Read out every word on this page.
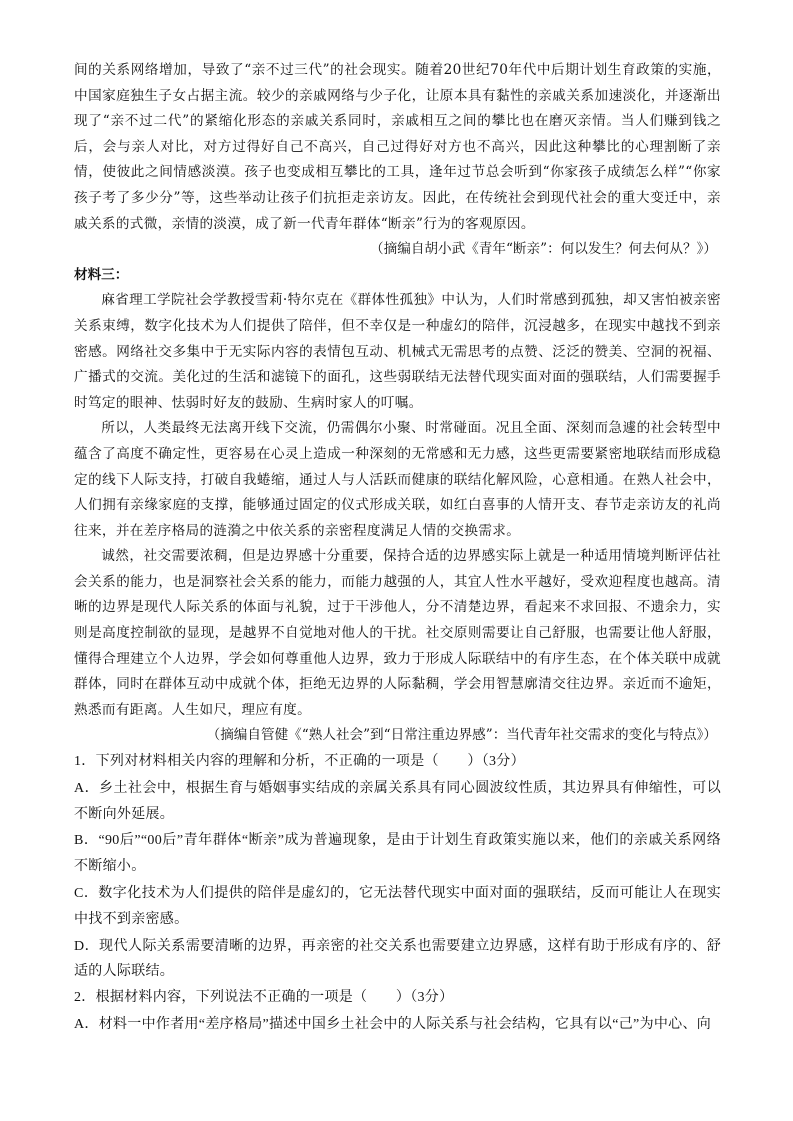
间的关系网络增加，导致了“亲不过三代”的社会现实。随着20世纪70年代中后期计划生育政策的实施，中国家庭独生子女占据主流。较少的亲戚网络与少子化，让原本具有黏性的亲戚关系加速淡化，并逐渐出现了“亲不过二代”的紧缩化形态的亲戚关系同时，亲戚相互之间的攀比也在磨灭亲情。当人们赚到钱之后，会与亲人对比，对方过得好自己不高兴，自己过得好对方也不高兴，因此这种攀比的心理割断了亲情，使彼此之间情感淡漠。孩子也变成相互攀比的工具，逢年过节总会听到“你家孩子成绩怎么样”“你家孩子考了多少分”等，这些举动让孩子们抗拒走亲访友。因此，在传统社会到现代社会的重大变迁中，亲戚关系的式微，亲情的淡漠，成了新一代青年群体“断亲”行为的客观原因。

（摘编自胡小武《青年“断亲”：何以发生？何去何从？》）

材料三：

麻省理工学院社会学教授雪莉·特尔克在《群体性孤独》中认为，人们时常感到孤独，却又害怕被亲密关系束缚，数字化技术为人们提供了陪伴，但不幸仅是一种虚幻的陪伴，沉浸越多，在现实中越找不到亲密感。网络社交多集中于无实际内容的表情包互动、机械式无需思考的点赞、泛泛的赞美、空洞的祝福、广播式的交流。美化过的生活和滤镜下的面孔，这些弱联结无法替代现实面对面的强联结，人们需要握手时笃定的眼神、怯弱时好友的鼓励、生病时家人的叮嘱。

所以，人类最终无法离开线下交流，仍需偶尔小聚、时常碰面。况且全面、深刻而急遽的社会转型中蕴含了高度不确定性，更容易在心灵上造成一种深刻的无常感和无力感，这些更需要紧密地联结而形成稳定的线下人际支持，打破自我蜷缩，通过人与人活跃而健康的联结化解风险，心意相通。在熟人社会中，人们拥有亲缘家庭的支撑，能够通过固定的仪式形成关联，如红白喜事的人情开支、春节走亲访友的礼尚往来，并在差序格局的涟漪之中依关系的亲密程度满足人情的交换需求。

诚然，社交需要浓稠，但是边界感十分重要，保持合适的边界感实际上就是一种适用情境判断评估社会关系的能力，也是洞察社会关系的能力，而能力越强的人，其宜人性水平越好，受欢迎程度也越高。清晰的边界是现代人际关系的体面与礼貌，过于干涉他人，分不清楚边界，看起来不求回报、不遗余力，实则是高度控制欲的显现，是越界不自觉地对他人的干扰。社交原则需要让自己舒服，也需要让他人舒服，懂得合理建立个人边界，学会如何尊重他人边界，致力于形成人际联结中的有序生态，在个体关联中成就群体，同时在群体互动中成就个体，拒绝无边界的人际黏稠，学会用智慧廓清交往边界。亲近而不逾矩，熟悉而有距离。人生如尺，理应有度。

（摘编自管健《“熟人社会”到“日常注重边界感”：当代青年社交需求的变化与特点》）

1．下列对材料相关内容的理解和分析，不正确的一项是（　　）（3分）

A．乡土社会中，根据生育与婚姻事实结成的亲属关系具有同心圆波纹性质，其边界具有伸缩性，可以不断向外延展。

B．“90后”“00后”青年群体“断亲”成为普遍现象，是由于计划生育政策实施以来，他们的亲戚关系网络不断缩小。

C．数字化技术为人们提供的陪伴是虚幻的，它无法替代现实中面对面的强联结，反而可能让人在现实中找不到亲密感。

D．现代人际关系需要清晰的边界，再亲密的社交关系也需要建立边界感，这样有助于形成有序的、舒适的人际联结。

2．根据材料内容，下列说法不正确的一项是（　　）（3分）

A．材料一中作者用“差序格局”描述中国乡土社会中的人际关系与社会结构，它具有以“己”为中心、向
